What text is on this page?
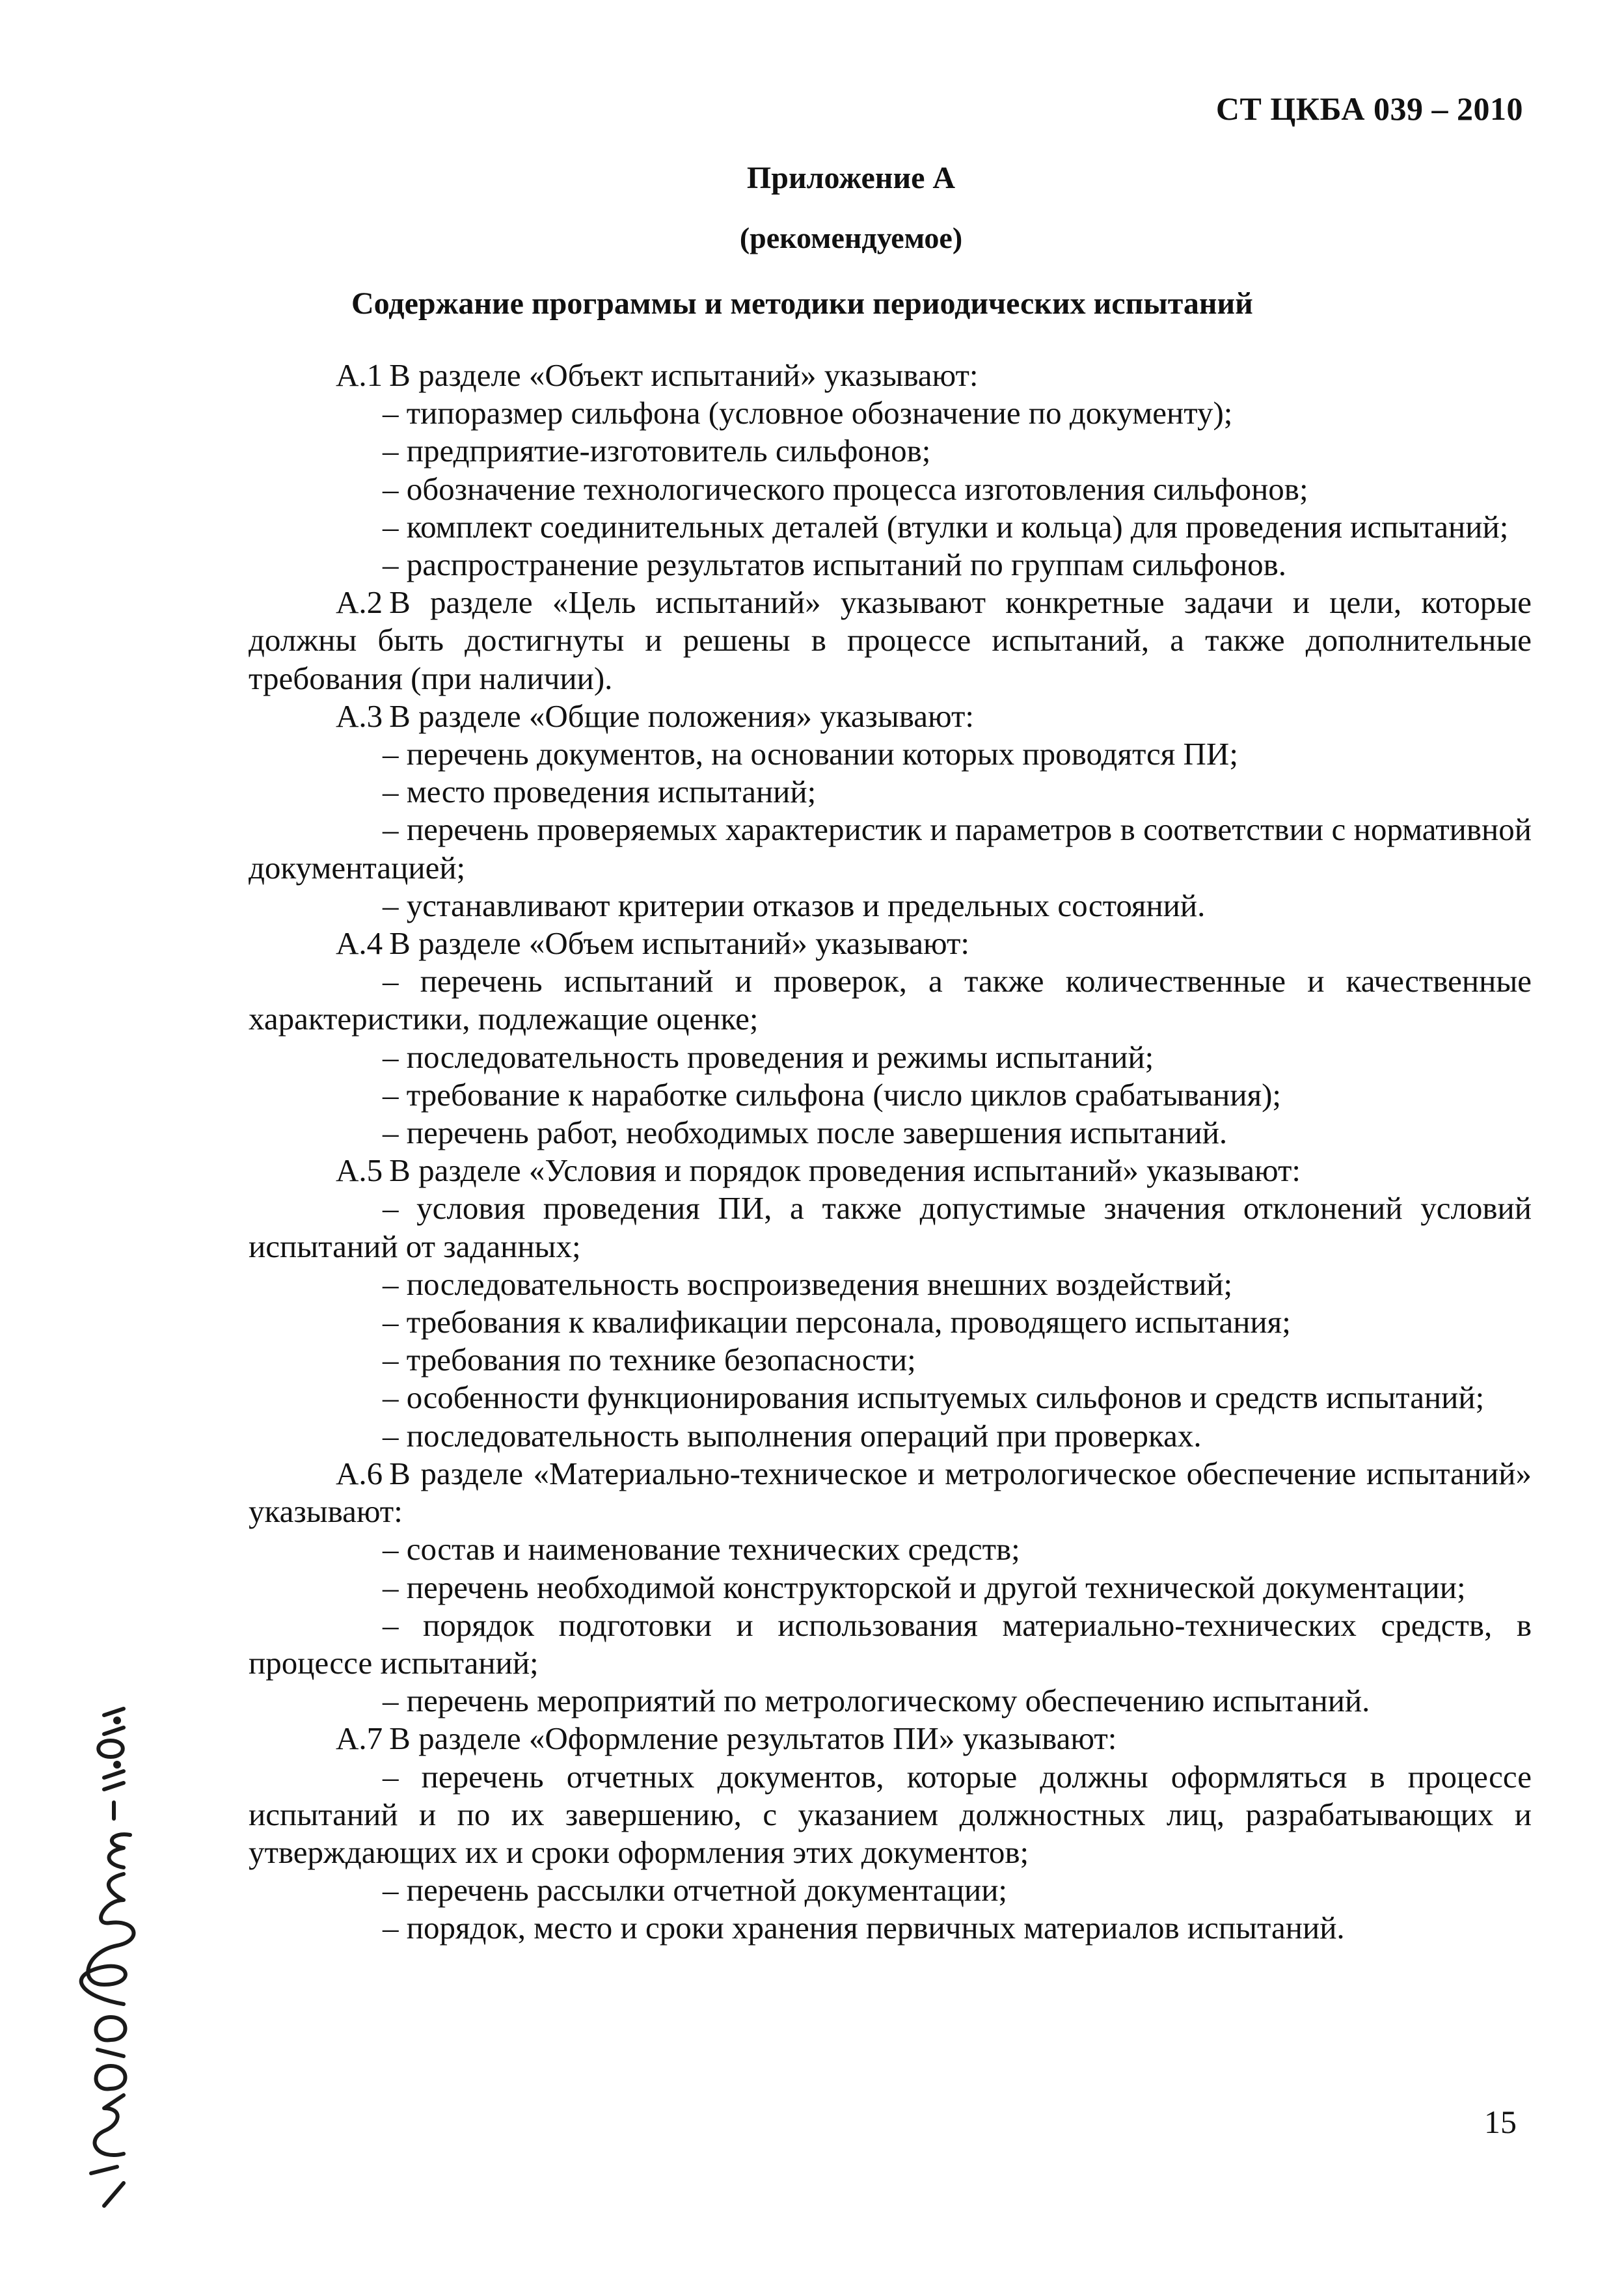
СТ ЦКБА 039 – 2010
Приложение А
(рекомендуемое)
Содержание программы и методики периодических испытаний

А.1 В разделе «Объект испытаний» указывают:

– типоразмер сильфона (условное обозначение по документу);

– предприятие-изготовитель сильфонов;

– обозначение технологического процесса изготовления сильфонов;

– комплект соединительных деталей (втулки и кольца) для проведения испытаний;

– распространение результатов испытаний по группам сильфонов.

А.2 В разделе «Цель испытаний» указывают конкретные задачи и цели, которые должны быть достигнуты и решены в процессе испытаний, а также дополнительные требования (при наличии).

А.3 В разделе «Общие положения» указывают:

– перечень документов, на основании которых проводятся ПИ;

– место проведения испытаний;

– перечень проверяемых характеристик и параметров в соответствии с нормативной документацией;

– устанавливают критерии отказов и предельных состояний.

А.4 В разделе «Объем испытаний» указывают:

– перечень испытаний и проверок, а также количественные и качественные характеристики, подлежащие оценке;

– последовательность проведения и режимы испытаний;

– требование к наработке сильфона (число циклов срабатывания);

– перечень работ, необходимых после завершения испытаний.

А.5 В разделе «Условия и порядок проведения испытаний» указывают:

– условия проведения ПИ, а также допустимые значения отклонений условий испытаний от заданных;

– последовательность воспроизведения внешних воздействий;

– требования к квалификации персонала, проводящего испытания;

– требования по технике безопасности;

– особенности функционирования испытуемых сильфонов и средств испытаний;

– последовательность выполнения операций при проверках.

А.6 В разделе «Материально-техническое и метрологическое обеспечение испытаний» указывают:

– состав и наименование технических средств;

– перечень необходимой конструкторской и другой технической документации;

– порядок подготовки и использования материально-технических средств, в процессе испытаний;

– перечень мероприятий по метрологическому обеспечению испытаний.

А.7 В разделе «Оформление результатов ПИ» указывают:

– перечень отчетных документов, которые должны оформляться в процессе испытаний и по их завершению, с указанием должностных лиц, разрабатывающих и утверждающих их и сроки оформления этих документов;

– перечень рассылки отчетной документации;

– порядок, место и сроки хранения первичных материалов испытаний.

15
